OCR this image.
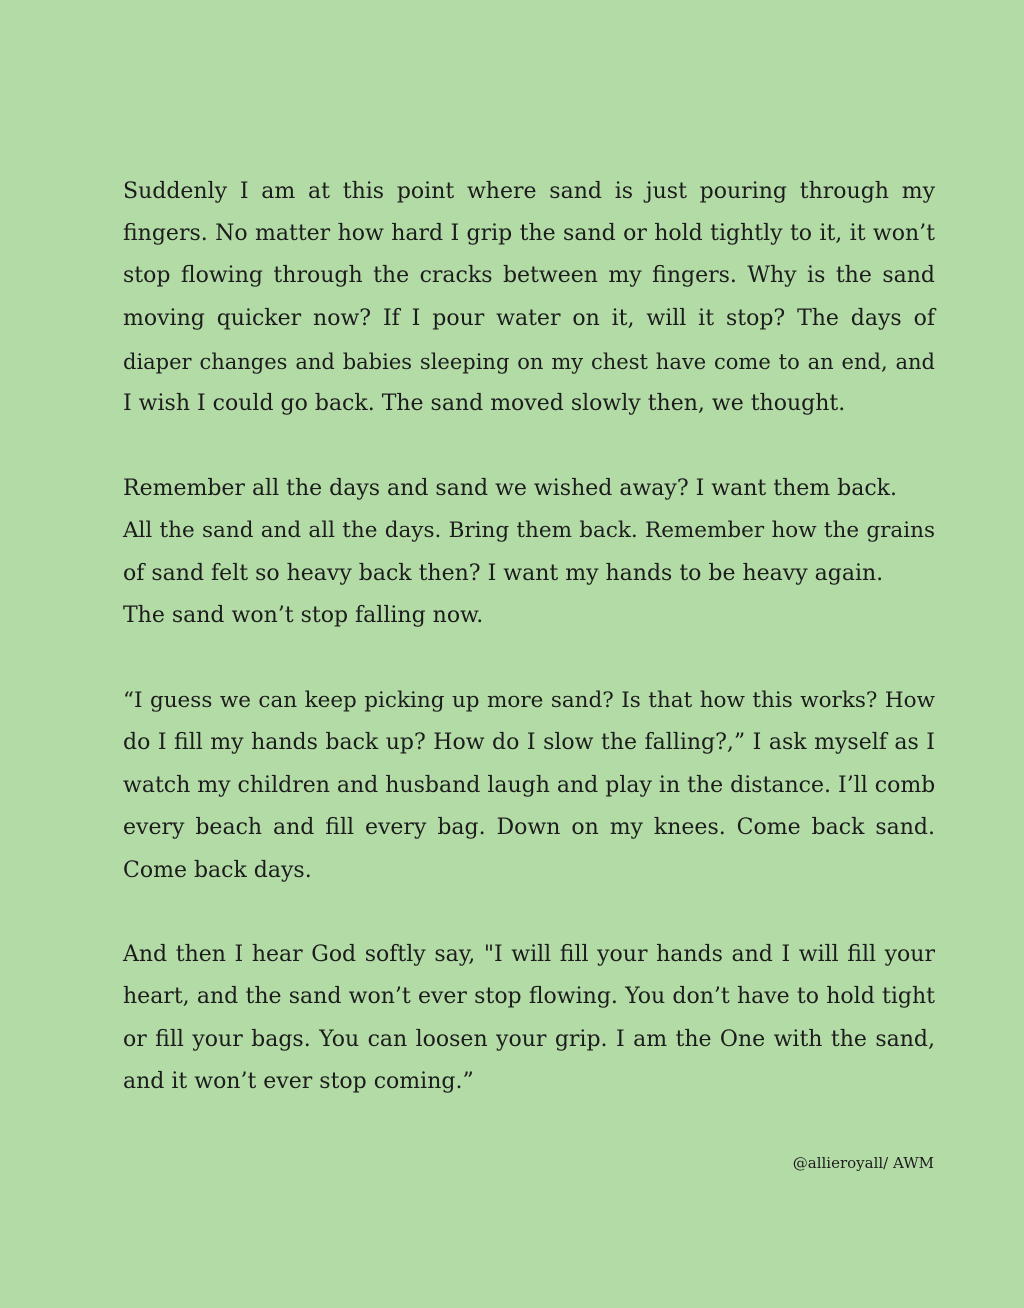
Suddenly I am at this point where sand is just pouring through my
fingers. No matter how hard I grip the sand or hold tightly to it, it won’t
stop flowing through the cracks between my fingers. Why is the sand
moving quicker now? If I pour water on it, will it stop? The days of
diaper changes and babies sleeping on my chest have come to an end, and
I wish I could go back. The sand moved slowly then, we thought.
Remember all the days and sand we wished away? I want them back.
All the sand and all the days. Bring them back. Remember how the grains
of sand felt so heavy back then? I want my hands to be heavy again.
The sand won’t stop falling now.
“I guess we can keep picking up more sand? Is that how this works? How
do I fill my hands back up? How do I slow the falling?,” I ask myself as I
watch my children and husband laugh and play in the distance. I’ll comb
every beach and fill every bag. Down on my knees. Come back sand.
Come back days.
And then I hear God softly say, "I will fill your hands and I will fill your
heart, and the sand won’t ever stop flowing. You don’t have to hold tight
or fill your bags. You can loosen your grip. I am the One with the sand,
and it won’t ever stop coming.”
@allieroyall/ AWM
